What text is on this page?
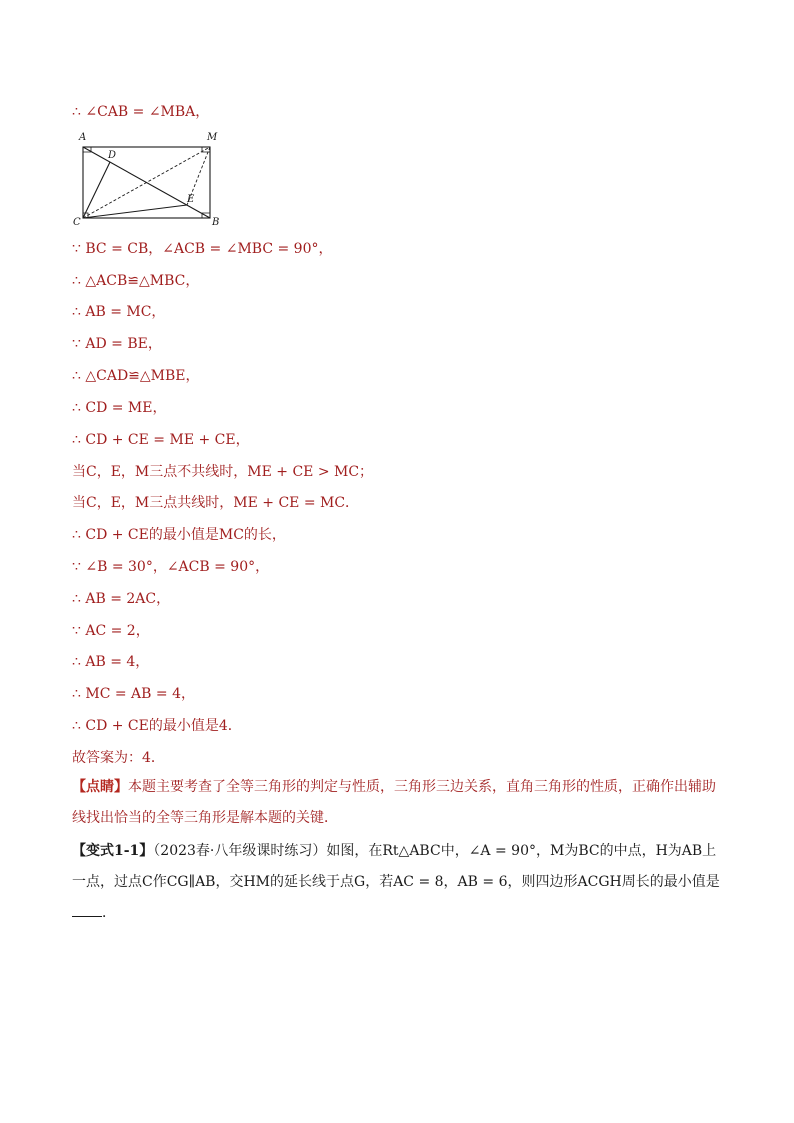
∴ ∠CAB = ∠MBA，
A	M
D
E
C	B
∵ BC = CB，∠ACB = ∠MBC = 90°，
∴ △ACB≌△MBC，
∴ AB = MC，
∵ AD = BE，
∴ △CAD≌△MBE，
∴ CD = ME，
∴ CD + CE = ME + CE，
当C，E，M三点不共线时，ME + CE > MC；
当C，E，M三点共线时，ME + CE = MC．
∴ CD + CE的最小值是MC的长，
∵ ∠B = 30°，∠ACB = 90°，
∴ AB = 2AC，
∵ AC = 2，
∴ AB = 4，
∴ MC = AB = 4，
∴ CD + CE的最小值是4．
故答案为：4．
【点睛】本题主要考查了全等三角形的判定与性质，三角形三边关系，直角三角形的性质，正确作出辅助线找出恰当的全等三角形是解本题的关键．
【变式1-1】（2023春·八年级课时练习）如图，在Rt△ABC中，∠A = 90°，M为BC的中点，H为AB上一点，过点C作CG∥AB，交HM的延长线于点G，若AC = 8，AB = 6，则四边形ACGH周长的最小值是 ．
